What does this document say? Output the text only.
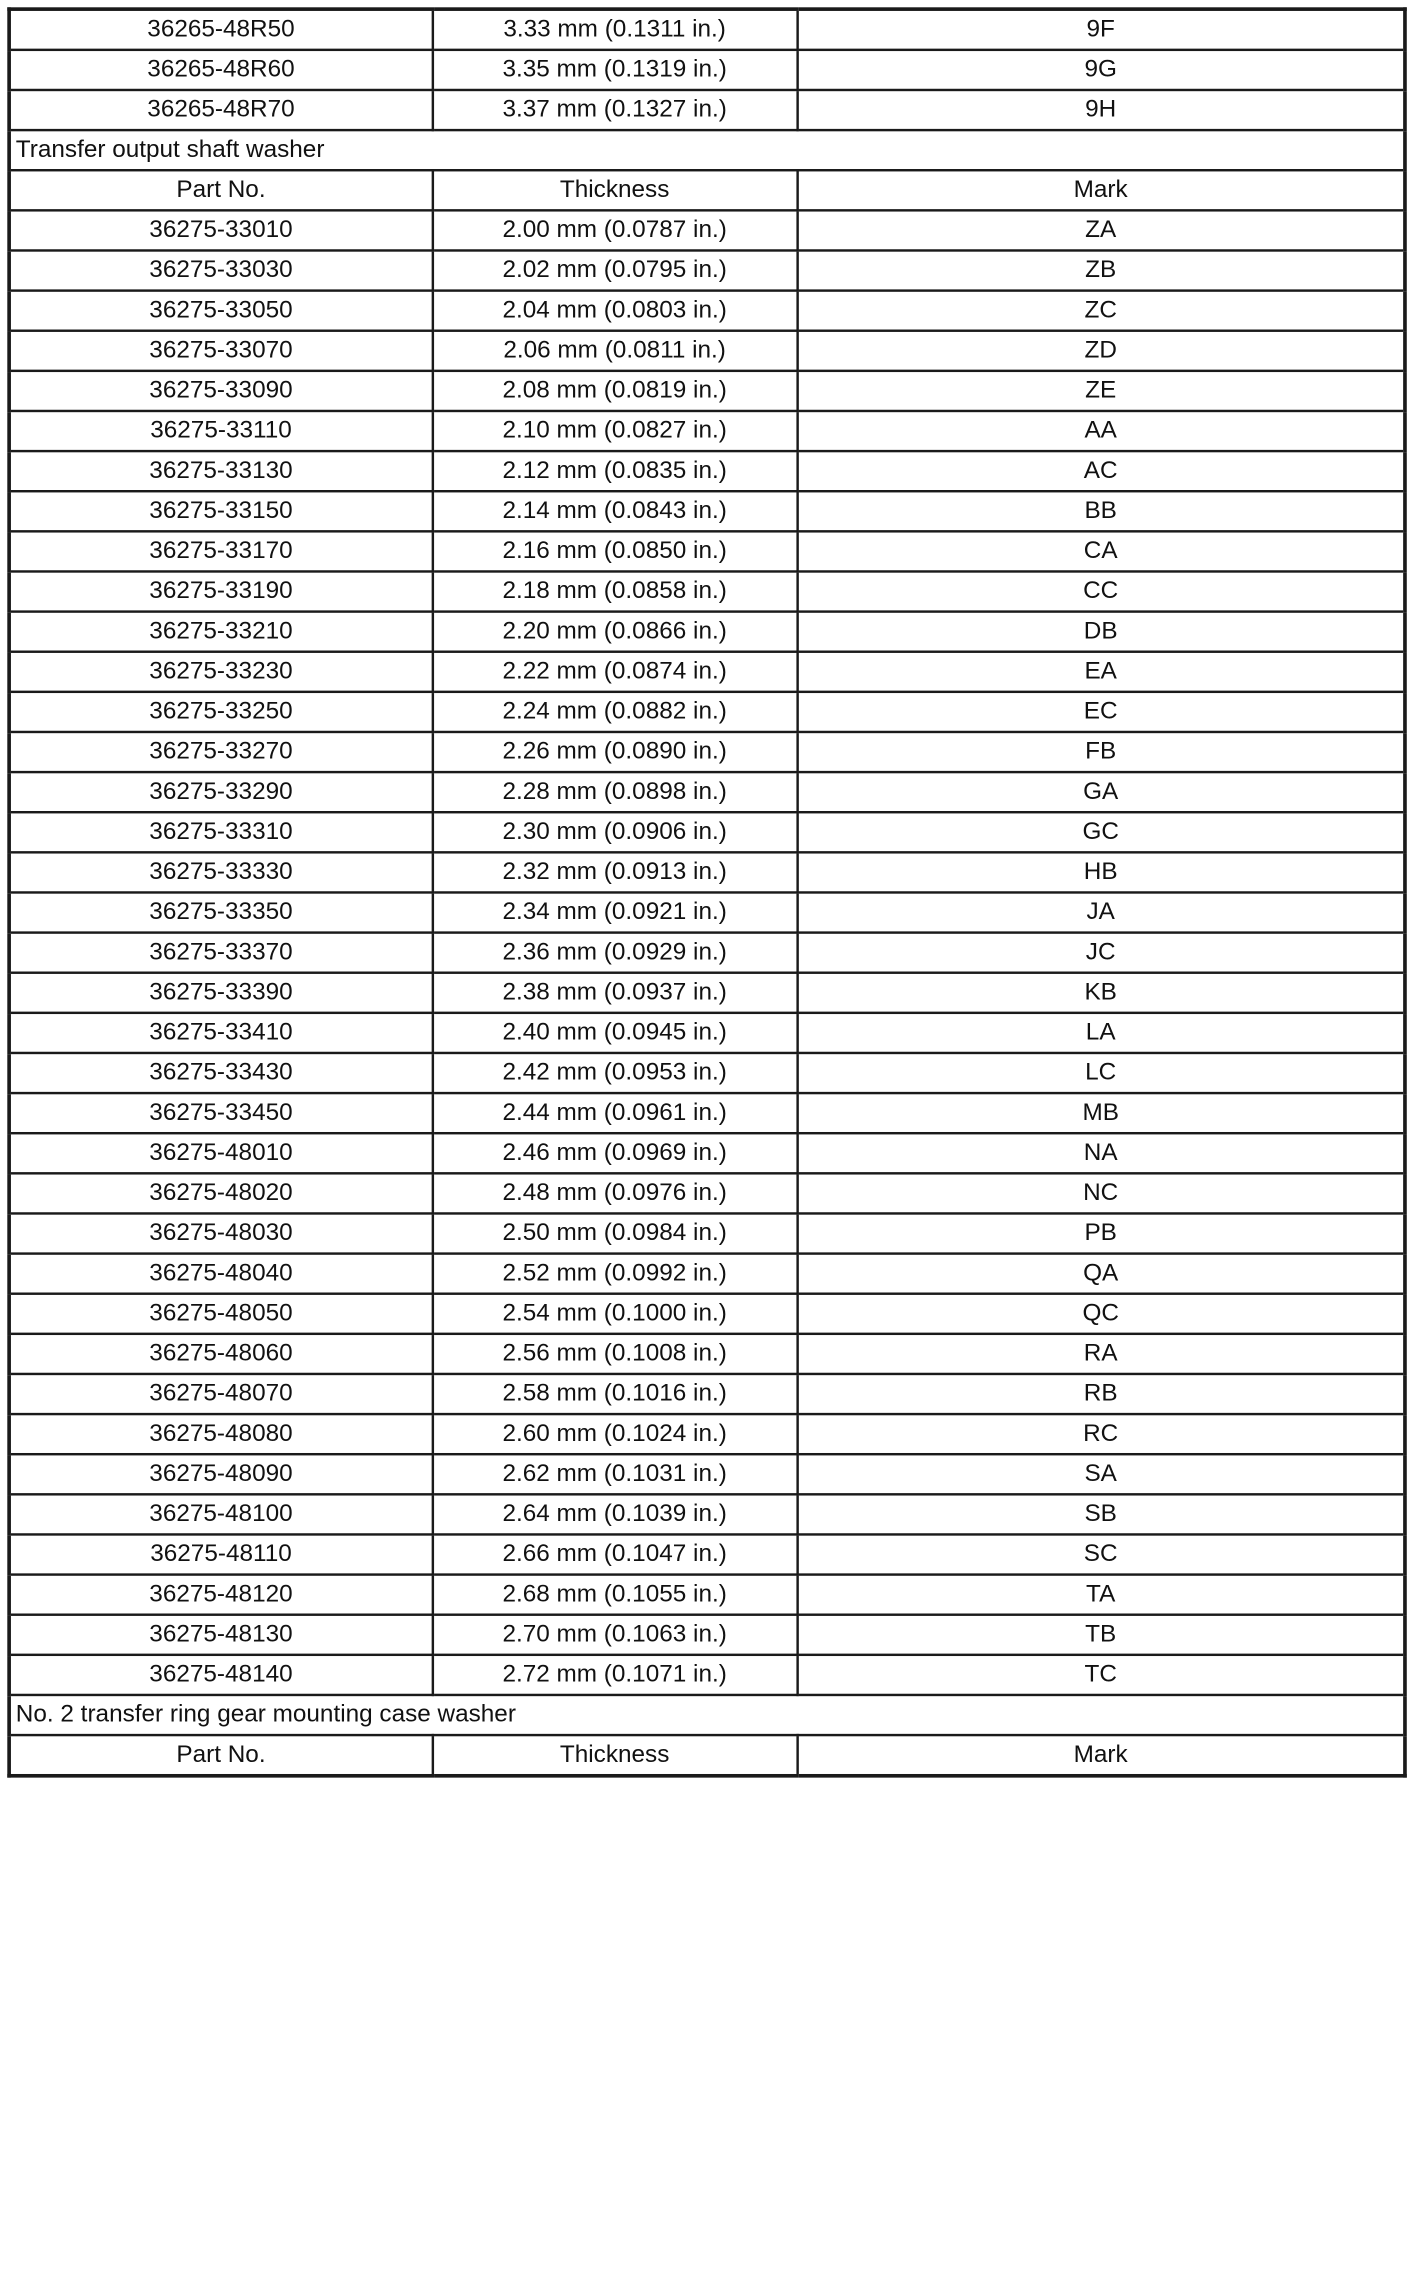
36265-48R50	3.33 mm (0.1311 in.)	9F
36265-48R60	3.35 mm (0.1319 in.)	9G
36265-48R70	3.37 mm (0.1327 in.)	9H
Transfer output shaft washer		
Part No.	Thickness	Mark
36275-33010	2.00 mm (0.0787 in.)	ZA
36275-33030	2.02 mm (0.0795 in.)	ZB
36275-33050	2.04 mm (0.0803 in.)	ZC
36275-33070	2.06 mm (0.0811 in.)	ZD
36275-33090	2.08 mm (0.0819 in.)	ZE
36275-33110	2.10 mm (0.0827 in.)	AA
36275-33130	2.12 mm (0.0835 in.)	AC
36275-33150	2.14 mm (0.0843 in.)	BB
36275-33170	2.16 mm (0.0850 in.)	CA
36275-33190	2.18 mm (0.0858 in.)	CC
36275-33210	2.20 mm (0.0866 in.)	DB
36275-33230	2.22 mm (0.0874 in.)	EA
36275-33250	2.24 mm (0.0882 in.)	EC
36275-33270	2.26 mm (0.0890 in.)	FB
36275-33290	2.28 mm (0.0898 in.)	GA
36275-33310	2.30 mm (0.0906 in.)	GC
36275-33330	2.32 mm (0.0913 in.)	HB
36275-33350	2.34 mm (0.0921 in.)	JA
36275-33370	2.36 mm (0.0929 in.)	JC
36275-33390	2.38 mm (0.0937 in.)	KB
36275-33410	2.40 mm (0.0945 in.)	LA
36275-33430	2.42 mm (0.0953 in.)	LC
36275-33450	2.44 mm (0.0961 in.)	MB
36275-48010	2.46 mm (0.0969 in.)	NA
36275-48020	2.48 mm (0.0976 in.)	NC
36275-48030	2.50 mm (0.0984 in.)	PB
36275-48040	2.52 mm (0.0992 in.)	QA
36275-48050	2.54 mm (0.1000 in.)	QC
36275-48060	2.56 mm (0.1008 in.)	RA
36275-48070	2.58 mm (0.1016 in.)	RB
36275-48080	2.60 mm (0.1024 in.)	RC
36275-48090	2.62 mm (0.1031 in.)	SA
36275-48100	2.64 mm (0.1039 in.)	SB
36275-48110	2.66 mm (0.1047 in.)	SC
36275-48120	2.68 mm (0.1055 in.)	TA
36275-48130	2.70 mm (0.1063 in.)	TB
36275-48140	2.72 mm (0.1071 in.)	TC
No. 2 transfer ring gear mounting case washer		
Part No.	Thickness	Mark
